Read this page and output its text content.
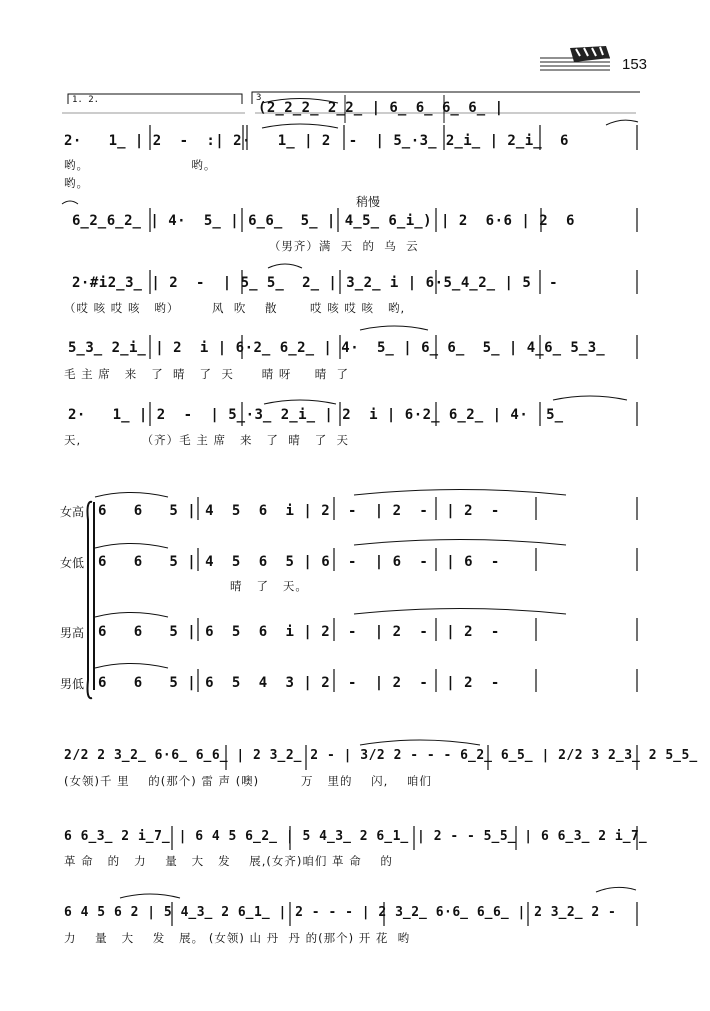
153
1. 2.	3
(2̲2̲2̲ 2̲2̲ | 6̲ 6̲ 6̲ 6̲ |
稍慢
2·   1̲ | 2  -  :| 2·   1̲ | 2  -  | 5̲·3̲ 2̲i̲ | 2̲i̲  6
哟。                      哟。
哟。
6̲2̲6̲2̲ | 4·  5̲ | 6̲6̲  5̲ | 4̲5̲ 6̲i̲) | 2  6·6 | 2  6
（男齐）满  天  的  乌  云
2·#i2̲3̲ | 2  -  | 5̲ 5̲  2̲ | 3̲2̲ i | 6·5̲4̲2̲ | 5  -
（哎 咳 哎 咳   哟）       风  吹    散       哎 咳 哎 咳   哟,
5̲3̲ 2̲i̲ | 2  i | 6·2̲ 6̲2̲ | 4·  5̲ | 6̲ 6̲  5̲ | 4̲6̲ 5̲3̲
毛 主 席   来   了  晴   了  天      晴 呀     晴  了
2·   1̲ | 2  -  | 5̲·3̲ 2̲i̲ | 2  i | 6·2̲ 6̲2̲ | 4·  5̲
天,             （齐）毛 主 席   来   了  晴   了  天
女高 6   6   5 | 4  5  6  i | 2  -  | 2  -  | 2  -
女低 6   6   5 | 4  5  6  5 | 6  -  | 6  -  | 6  -
晴   了   天。
男高 6   6   5 | 6  5  6  i | 2  -  | 2  -  | 2  -
男低 6   6   5 | 6  5  4  3 | 2  -  | 2  -  | 2  -
2/2 2 3̲2̲ 6·6̲ 6̲6̲ | 2 3̲2̲ 2 - | 3/2 2 - - - 6̲2̲ 6̲5̲ | 2/2 3 2̲3̲ 2 5̲5̲
(女领)千 里    的(那个) 雷 声 (噢)         万   里的    闪,    咱们
6 6̲3̲ 2 i̲7̲ | 6 4 5 6̲2̲ | 5 4̲3̲ 2 6̲1̲ | 2 - - 5̲5̲ | 6 6̲3̲ 2 i̲7̲
革 命   的   力    量   大   发    展,(女齐)咱们 革 命    的
6 4 5 6 2 | 5 4̲3̲ 2 6̲1̲ | 2 - - - | 2 3̲2̲ 6·6̲ 6̲6̲ | 2 3̲2̲ 2 -
力    量   大    发   展。 (女领) 山 丹  丹 的(那个) 开 花  哟
